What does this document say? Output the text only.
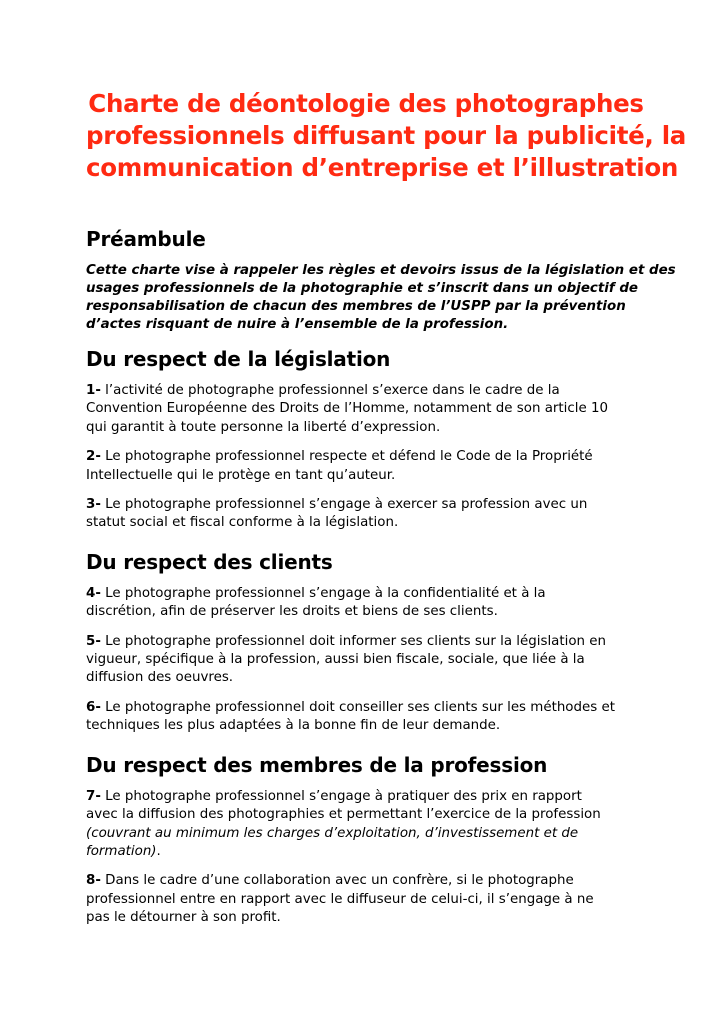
Charte de déontologie des photographes
professionnels diffusant pour la publicité, la
communication d’entreprise et l’illustration
Préambule

Cette charte vise à rappeler les règles et devoirs issus de la législation et des
usages professionnels de la photographie et s’inscrit dans un objectif de
responsabilisation de chacun des membres de l’USPP par la prévention
d’actes risquant de nuire à l’ensemble de la profession.

Du respect de la législation

1- l’activité de photographe professionnel s’exerce dans le cadre de la
Convention Européenne des Droits de l’Homme, notamment de son article 10
qui garantit à toute personne la liberté d’expression.

2- Le photographe professionnel respecte et défend le Code de la Propriété
Intellectuelle qui le protège en tant qu’auteur.

3- Le photographe professionnel s’engage à exercer sa profession avec un
statut social et fiscal conforme à la législation.

Du respect des clients

4- Le photographe professionnel s’engage à la confidentialité et à la
discrétion, afin de préserver les droits et biens de ses clients.

5- Le photographe professionnel doit informer ses clients sur la législation en
vigueur, spécifique à la profession, aussi bien fiscale, sociale, que liée à la
diffusion des oeuvres.

6- Le photographe professionnel doit conseiller ses clients sur les méthodes et
techniques les plus adaptées à la bonne fin de leur demande.

Du respect des membres de la profession

7- Le photographe professionnel s’engage à pratiquer des prix en rapport
avec la diffusion des photographies et permettant l’exercice de la profession
(couvrant au minimum les charges d’exploitation, d’investissement et de
formation).

8- Dans le cadre d’une collaboration avec un confrère, si le photographe
professionnel entre en rapport avec le diffuseur de celui-ci, il s’engage à ne
pas le détourner à son profit.
